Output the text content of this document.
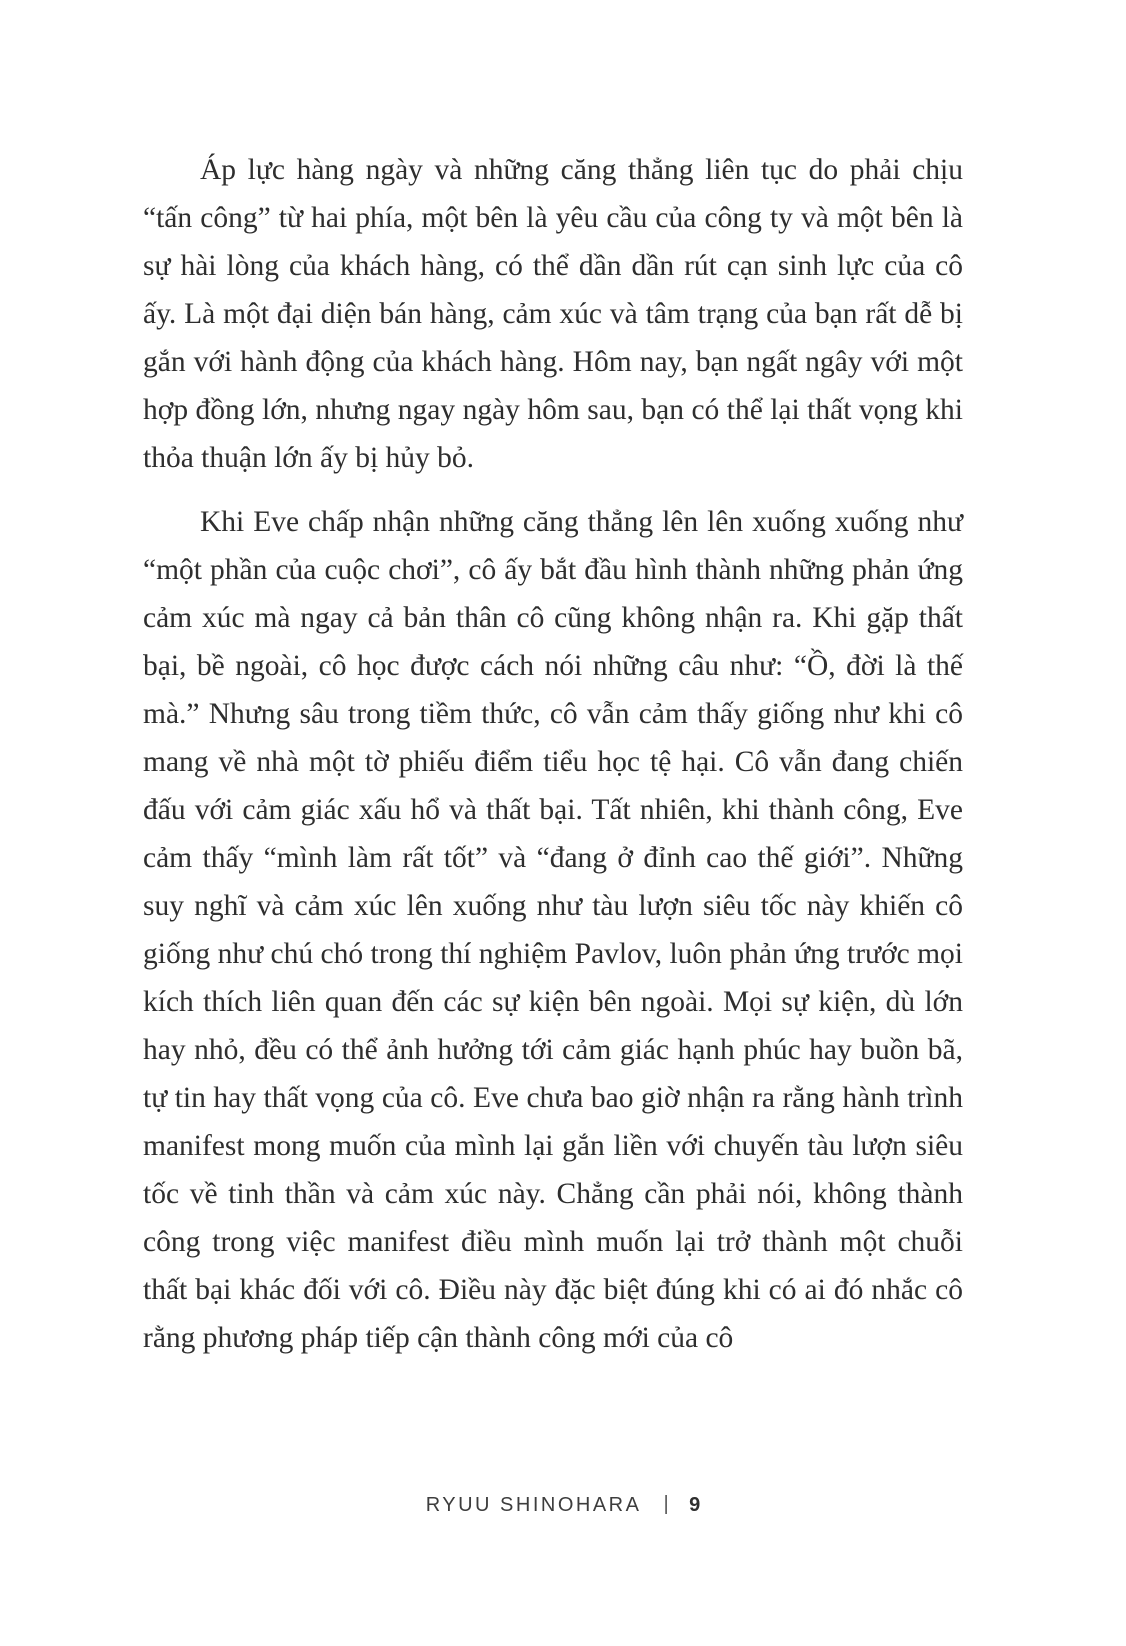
Áp lực hàng ngày và những căng thẳng liên tục do phải chịu “tấn công” từ hai phía, một bên là yêu cầu của công ty và một bên là sự hài lòng của khách hàng, có thể dần dần rút cạn sinh lực của cô ấy. Là một đại diện bán hàng, cảm xúc và tâm trạng của bạn rất dễ bị gắn với hành động của khách hàng. Hôm nay, bạn ngất ngây với một hợp đồng lớn, nhưng ngay ngày hôm sau, bạn có thể lại thất vọng khi thỏa thuận lớn ấy bị hủy bỏ.

Khi Eve chấp nhận những căng thẳng lên lên xuống xuống như “một phần của cuộc chơi”, cô ấy bắt đầu hình thành những phản ứng cảm xúc mà ngay cả bản thân cô cũng không nhận ra. Khi gặp thất bại, bề ngoài, cô học được cách nói những câu như: “Ồ, đời là thế mà.” Nhưng sâu trong tiềm thức, cô vẫn cảm thấy giống như khi cô mang về nhà một tờ phiếu điểm tiểu học tệ hại. Cô vẫn đang chiến đấu với cảm giác xấu hổ và thất bại. Tất nhiên, khi thành công, Eve cảm thấy “mình làm rất tốt” và “đang ở đỉnh cao thế giới”. Những suy nghĩ và cảm xúc lên xuống như tàu lượn siêu tốc này khiến cô giống như chú chó trong thí nghiệm Pavlov, luôn phản ứng trước mọi kích thích liên quan đến các sự kiện bên ngoài. Mọi sự kiện, dù lớn hay nhỏ, đều có thể ảnh hưởng tới cảm giác hạnh phúc hay buồn bã, tự tin hay thất vọng của cô. Eve chưa bao giờ nhận ra rằng hành trình manifest mong muốn của mình lại gắn liền với chuyến tàu lượn siêu tốc về tinh thần và cảm xúc này. Chẳng cần phải nói, không thành công trong việc manifest điều mình muốn lại trở thành một chuỗi thất bại khác đối với cô. Điều này đặc biệt đúng khi có ai đó nhắc cô rằng phương pháp tiếp cận thành công mới của cô

RYUU SHINOHARA | 9
